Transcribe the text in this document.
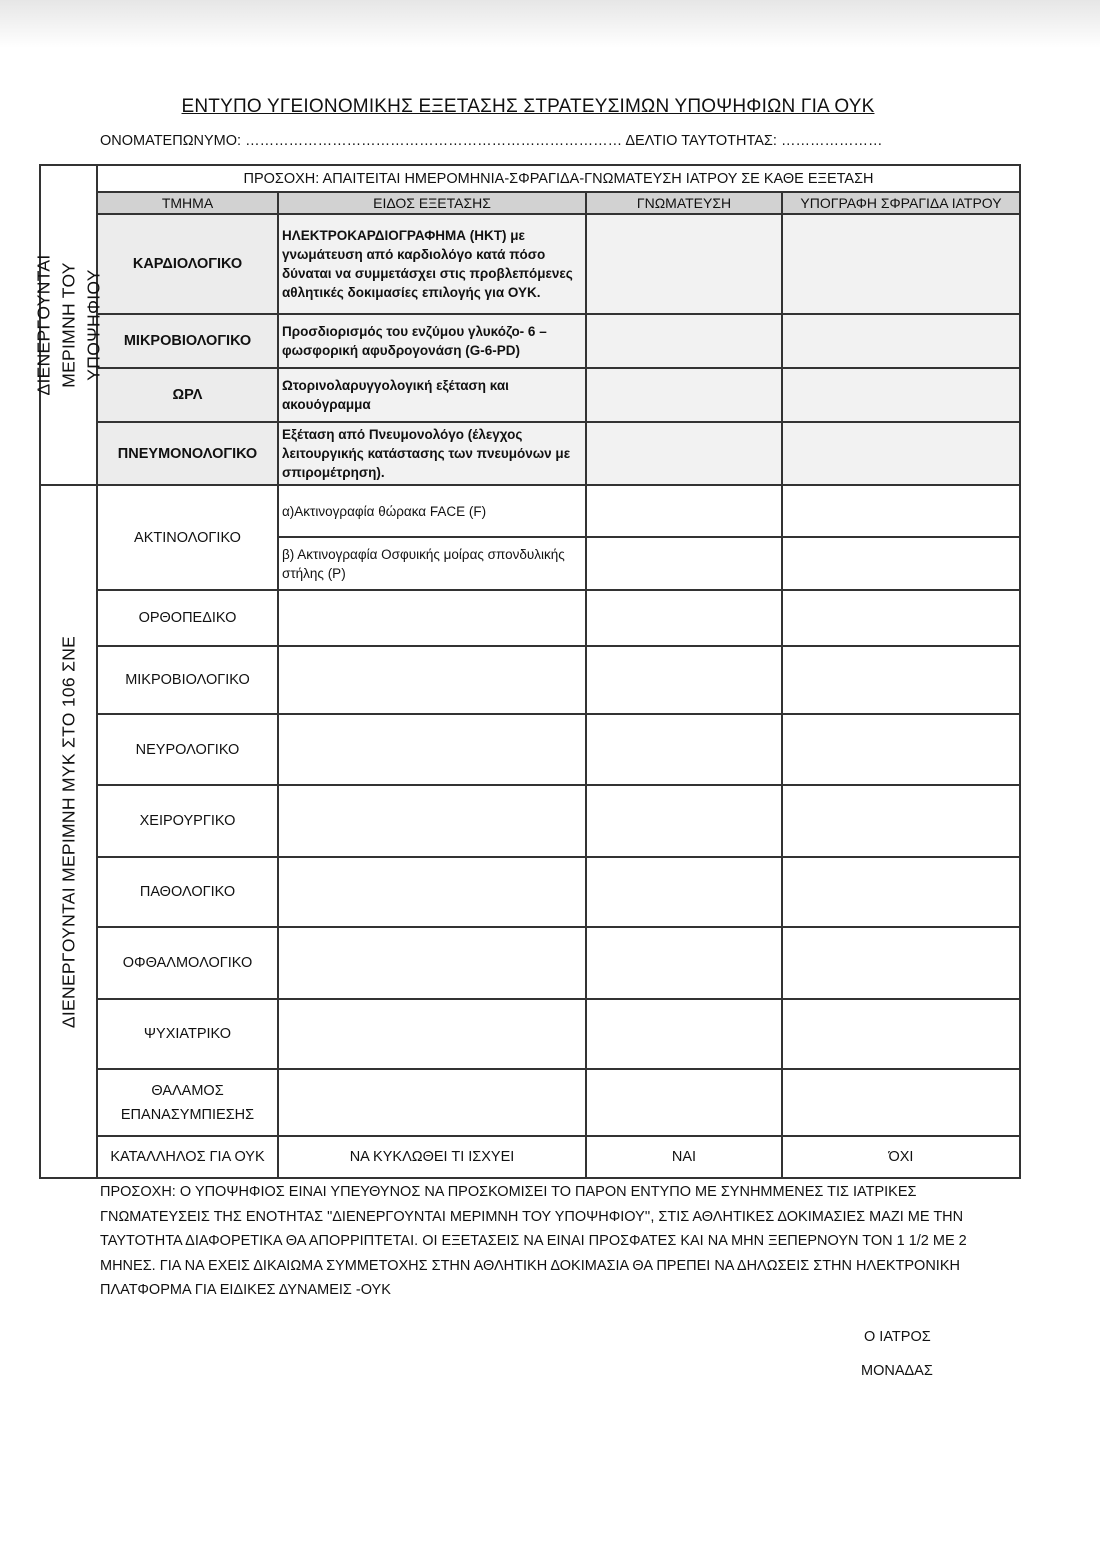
ΕΝΤΥΠΟ ΥΓΕΙΟΝΟΜΙΚΗΣ ΕΞΕΤΑΣΗΣ ΣΤΡΑΤΕΥΣΙΜΩΝ ΥΠΟΨΗΦΙΩΝ ΓΙΑ ΟΥΚ
ΟΝΟΜΑΤΕΠΩΝΥΜΟ: …………………………………………………………………… ΔΕΛΤΙΟ ΤΑΥΤΟΤΗΤΑΣ: …………………
ΔΙΕΝΕΡΓΟΥΝΤΑΙ ΜΕΡΙΜΝΗ ΤΟΥ
ΥΠΟΨΗΦΙΟΥ	ΠΡΟΣΟΧΗ: ΑΠΑΙΤΕΙΤΑΙ ΗΜΕΡΟΜΗΝΙΑ-ΣΦΡΑΓΙΔΑ-ΓΝΩΜΑΤΕΥΣΗ ΙΑΤΡΟΥ ΣΕ ΚΑΘΕ ΕΞΕΤΑΣΗ			
	ΤΜΗΜΑ	ΕΙΔΟΣ ΕΞΕΤΑΣΗΣ	ΓΝΩΜΑΤΕΥΣΗ	ΥΠΟΓΡΑΦΗ ΣΦΡΑΓΙΔΑ ΙΑΤΡΟΥ
	ΚΑΡΔΙΟΛΟΓΙΚΟ	ΗΛΕΚΤΡΟΚΑΡΔΙΟΓΡΑΦΗΜΑ (ΗΚΤ) με γνωμάτευση από καρδιολόγο κατά πόσο δύναται να συμμετάσχει στις προβλεπόμενες αθλητικές δοκιμασίες επιλογής για ΟΥΚ.		
	ΜΙΚΡΟΒΙΟΛΟΓΙΚΟ	Προσδιορισμός του ενζύμου γλυκόζο- 6 – φωσφορική αφυδρογονάση (G-6-PD)		
	ΩΡΛ	Ωτορινολαρυγγολογική εξέταση και ακουόγραμμα		
	ΠΝΕΥΜΟΝΟΛΟΓΙΚΟ	Εξέταση από Πνευμονολόγο (έλεγχος λειτουργικής κατάστασης των πνευμόνων με σπιρομέτρηση).		

ΔΙΕΝΕΡΓΟΥΝΤΑΙ ΜΕΡΙΜΝΗ ΜΥΚ ΣΤΟ 106 ΣΝΕ	ΑΚΤΙΝΟΛΟΓΙΚΟ	α)Ακτινογραφία θώρακα FACE (F)		
		β) Ακτινογραφία Οσφυικής μοίρας σπονδυλικής στήλης (P)		
	ΟΡΘΟΠΕΔΙΚΟ			
	ΜΙΚΡΟΒΙΟΛΟΓΙΚΟ			
	ΝΕΥΡΟΛΟΓΙΚΟ			
	ΧΕΙΡΟΥΡΓΙΚΟ			
	ΠΑΘΟΛΟΓΙΚΟ			
	ΟΦΘΑΛΜΟΛΟΓΙΚΟ			
	ΨΥΧΙΑΤΡΙΚΟ			
	ΘΑΛΑΜΟΣ ΕΠΑΝΑΣΥΜΠΙΕΣΗΣ			
	ΚΑΤΑΛΛΗΛΟΣ ΓΙΑ ΟΥΚ	ΝΑ ΚΥΚΛΩΘΕΙ ΤΙ ΙΣΧΥΕΙ	ΝΑΙ	ΌΧΙ
ΠΡΟΣΟΧΗ: Ο ΥΠΟΨΗΦΙΟΣ ΕΙΝΑΙ ΥΠΕΥΘΥΝΟΣ ΝΑ ΠΡΟΣΚΟΜΙΣΕΙ ΤΟ ΠΑΡΟΝ ΕΝΤΥΠΟ ΜΕ ΣΥΝΗΜΜΕΝΕΣ ΤΙΣ ΙΑΤΡΙΚΕΣ ΓΝΩΜΑΤΕΥΣΕΙΣ ΤΗΣ ΕΝΟΤΗΤΑΣ "ΔΙΕΝΕΡΓΟΥΝΤΑΙ ΜΕΡΙΜΝΗ ΤΟΥ ΥΠΟΨΗΦΙΟΥ'', ΣΤΙΣ ΑΘΛΗΤΙΚΕΣ ΔΟΚΙΜΑΣΙΕΣ ΜΑΖΙ ΜΕ ΤΗΝ ΤΑΥΤΟΤΗΤΑ ΔΙΑΦΟΡΕΤΙΚΑ ΘΑ ΑΠΟΡΡΙΠΤΕΤΑΙ. ΟΙ ΕΞΕΤΑΣΕΙΣ ΝΑ ΕΙΝΑΙ ΠΡΟΣΦΑΤΕΣ ΚΑΙ ΝΑ ΜΗΝ ΞΕΠΕΡΝΟΥΝ ΤΟΝ 1 1/2 ΜΕ 2 ΜΗΝΕΣ. ΓΙΑ ΝΑ ΕΧΕΙΣ ΔΙΚΑΙΩΜΑ ΣΥΜΜΕΤΟΧΗΣ ΣΤΗΝ ΑΘΛΗΤΙΚΗ ΔΟΚΙΜΑΣΙΑ ΘΑ ΠΡΕΠΕΙ ΝΑ ΔΗΛΩΣΕΙΣ ΣΤΗΝ ΗΛΕΚΤΡΟΝΙΚΗ ΠΛΑΤΦΟΡΜΑ ΓΙΑ ΕΙΔΙΚΕΣ ΔΥΝΑΜΕΙΣ -ΟΥΚ
Ο ΙΑΤΡΟΣ
ΜΟΝΑΔΑΣ
